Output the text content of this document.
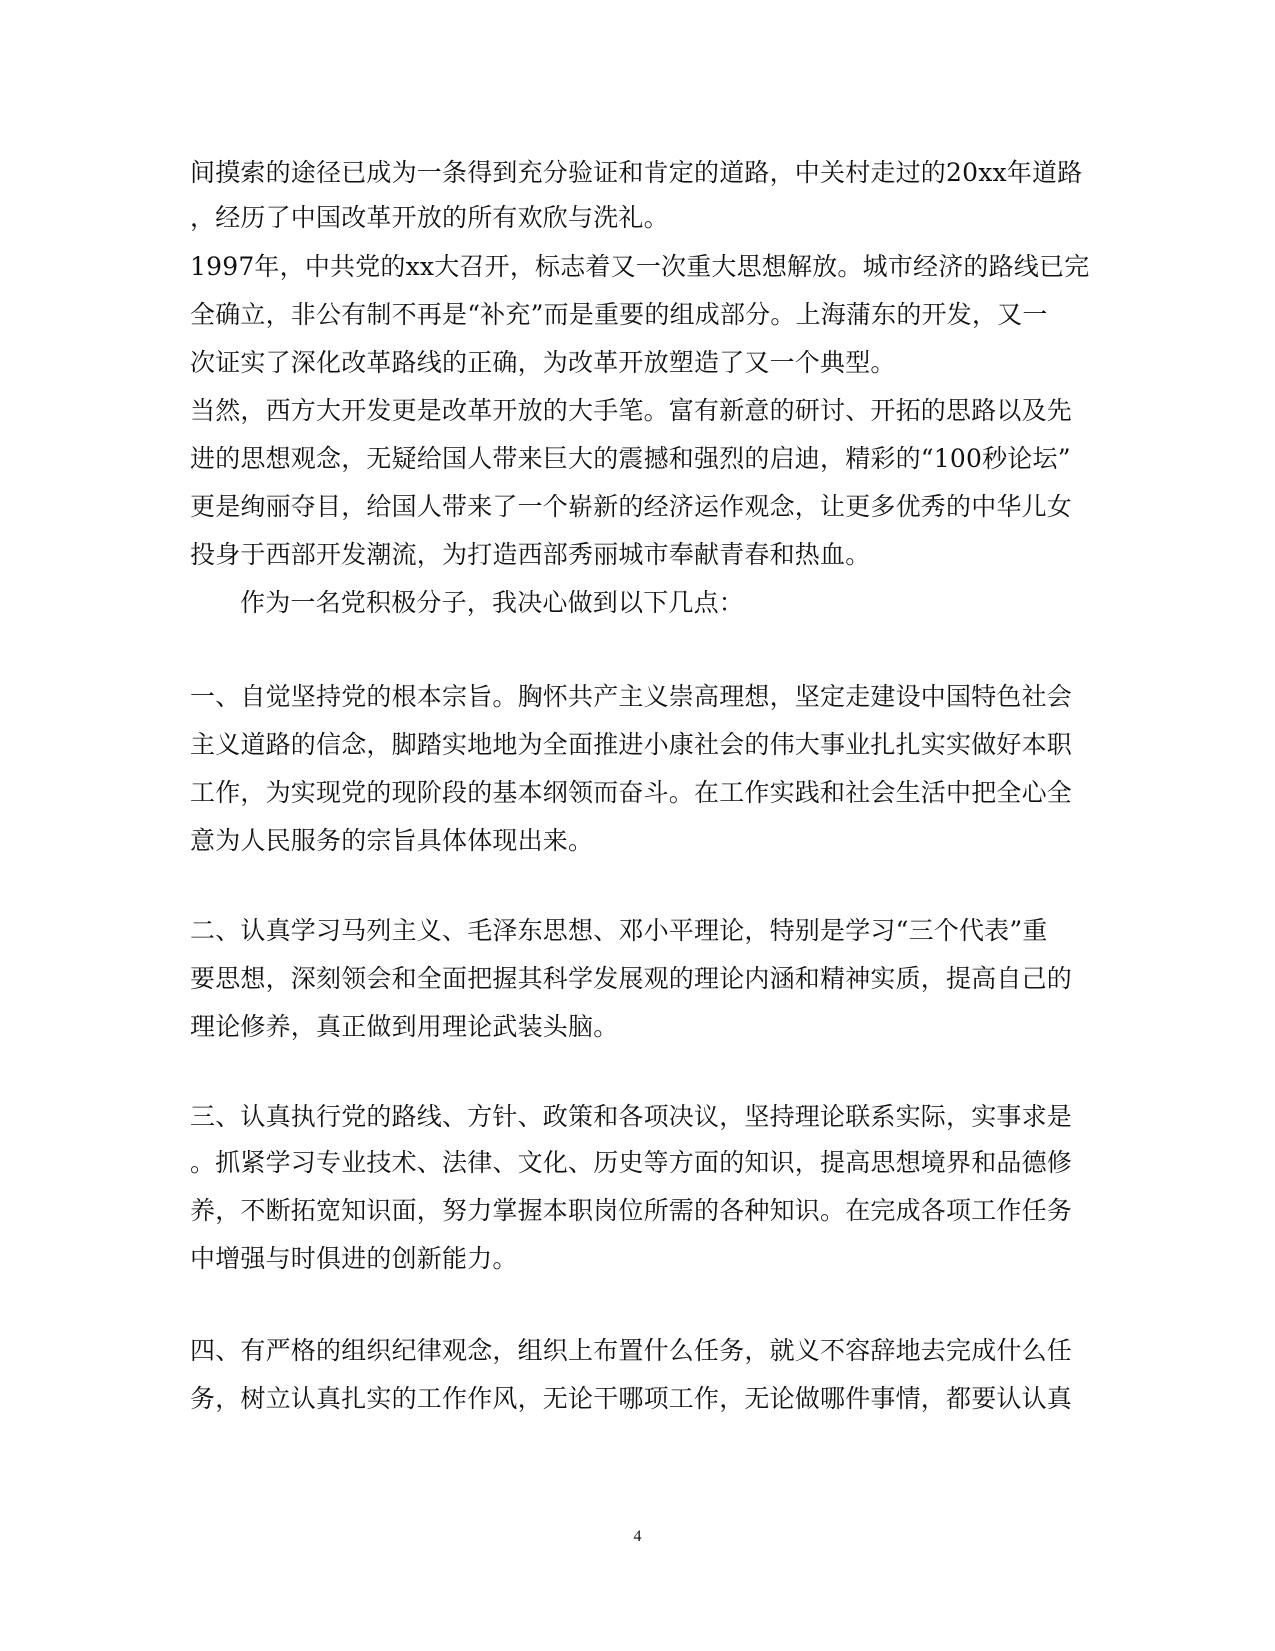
间摸索的途径已成为一条得到充分验证和肯定的道路，中关村走过的20xx年道路
，经历了中国改革开放的所有欢欣与洗礼。
1997年，中共党的xx大召开，标志着又一次重大思想解放。城市经济的路线已完
全确立，非公有制不再是“补充”而是重要的组成部分。上海蒲东的开发，又一
次证实了深化改革路线的正确，为改革开放塑造了又一个典型。
当然，西方大开发更是改革开放的大手笔。富有新意的研讨、开拓的思路以及先
进的思想观念，无疑给国人带来巨大的震撼和强烈的启迪，精彩的“100秒论坛”
更是绚丽夺目，给国人带来了一个崭新的经济运作观念，让更多优秀的中华儿女
投身于西部开发潮流，为打造西部秀丽城市奉献青春和热血。
作为一名党积极分子，我决心做到以下几点：
一、自觉坚持党的根本宗旨。胸怀共产主义崇高理想，坚定走建设中国特色社会
主义道路的信念，脚踏实地地为全面推进小康社会的伟大事业扎扎实实做好本职
工作，为实现党的现阶段的基本纲领而奋斗。在工作实践和社会生活中把全心全
意为人民服务的宗旨具体体现出来。
二、认真学习马列主义、毛泽东思想、邓小平理论，特别是学习“三个代表”重
要思想，深刻领会和全面把握其科学发展观的理论内涵和精神实质，提高自己的
理论修养，真正做到用理论武装头脑。
三、认真执行党的路线、方针、政策和各项决议，坚持理论联系实际，实事求是
。抓紧学习专业技术、法律、文化、历史等方面的知识，提高思想境界和品德修
养，不断拓宽知识面，努力掌握本职岗位所需的各种知识。在完成各项工作任务
中增强与时俱进的创新能力。
四、有严格的组织纪律观念，组织上布置什么任务，就义不容辞地去完成什么任
务，树立认真扎实的工作作风，无论干哪项工作，无论做哪件事情，都要认认真
4
